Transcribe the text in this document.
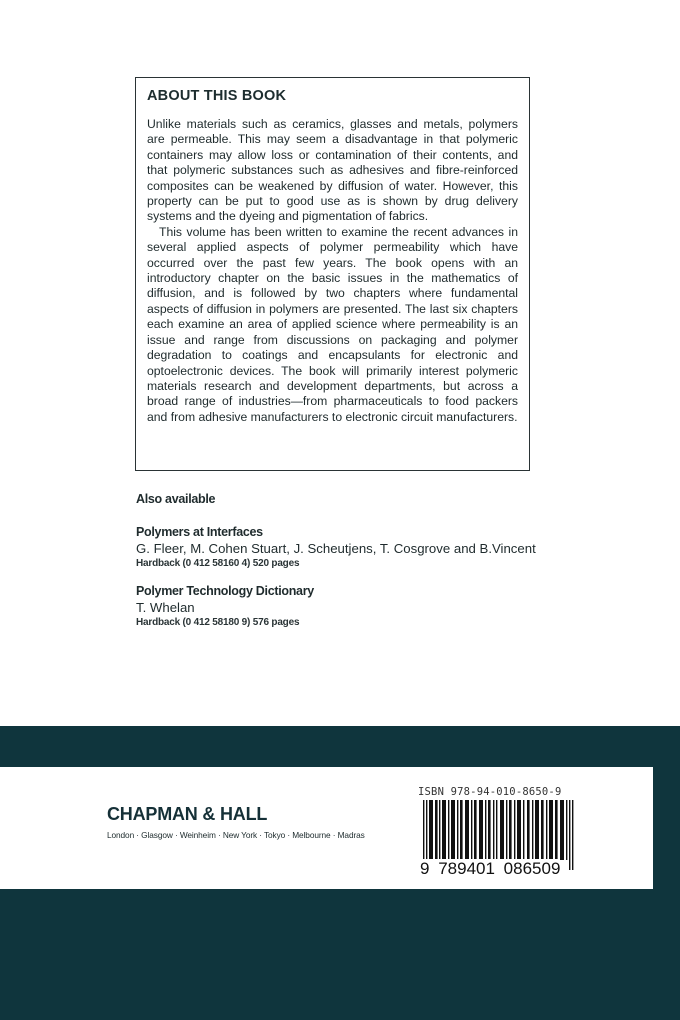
ABOUT THIS BOOK

Unlike materials such as ceramics, glasses and metals, polymers are permeable. This may seem a disadvantage in that polymeric containers may allow loss or contamination of their contents, and that polymeric substances such as adhesives and fibre-reinforced composites can be weakened by diffusion of water. However, this property can be put to good use as is shown by drug delivery systems and the dyeing and pigmentation of fabrics.

This volume has been written to examine the recent advances in several applied aspects of polymer permeability which have occurred over the past few years. The book opens with an introductory chapter on the basic issues in the mathematics of diffusion, and is followed by two chapters where fundamental aspects of diffusion in polymers are presented. The last six chapters each examine an area of applied science where permeability is an issue and range from discussions on packaging and polymer degradation to coatings and encapsulants for electronic and optoelectronic devices. The book will primarily interest polymeric materials research and development departments, but across a broad range of industries—from pharmaceuticals to food packers and from adhesive manufacturers to electronic circuit manufacturers.

Also available
Polymers at Interfaces
G. Fleer, M. Cohen Stuart, J. Scheutjens, T. Cosgrove and B.Vincent
Hardback (0 412 58160 4) 520 pages
Polymer Technology Dictionary
T. Whelan
Hardback (0 412 58180 9) 576 pages
CHAPMAN & HALL
London · Glasgow · Weinheim · New York · Tokyo · Melbourne · Madras
ISBN 978-94-010-8650-9
9 789401 086509
